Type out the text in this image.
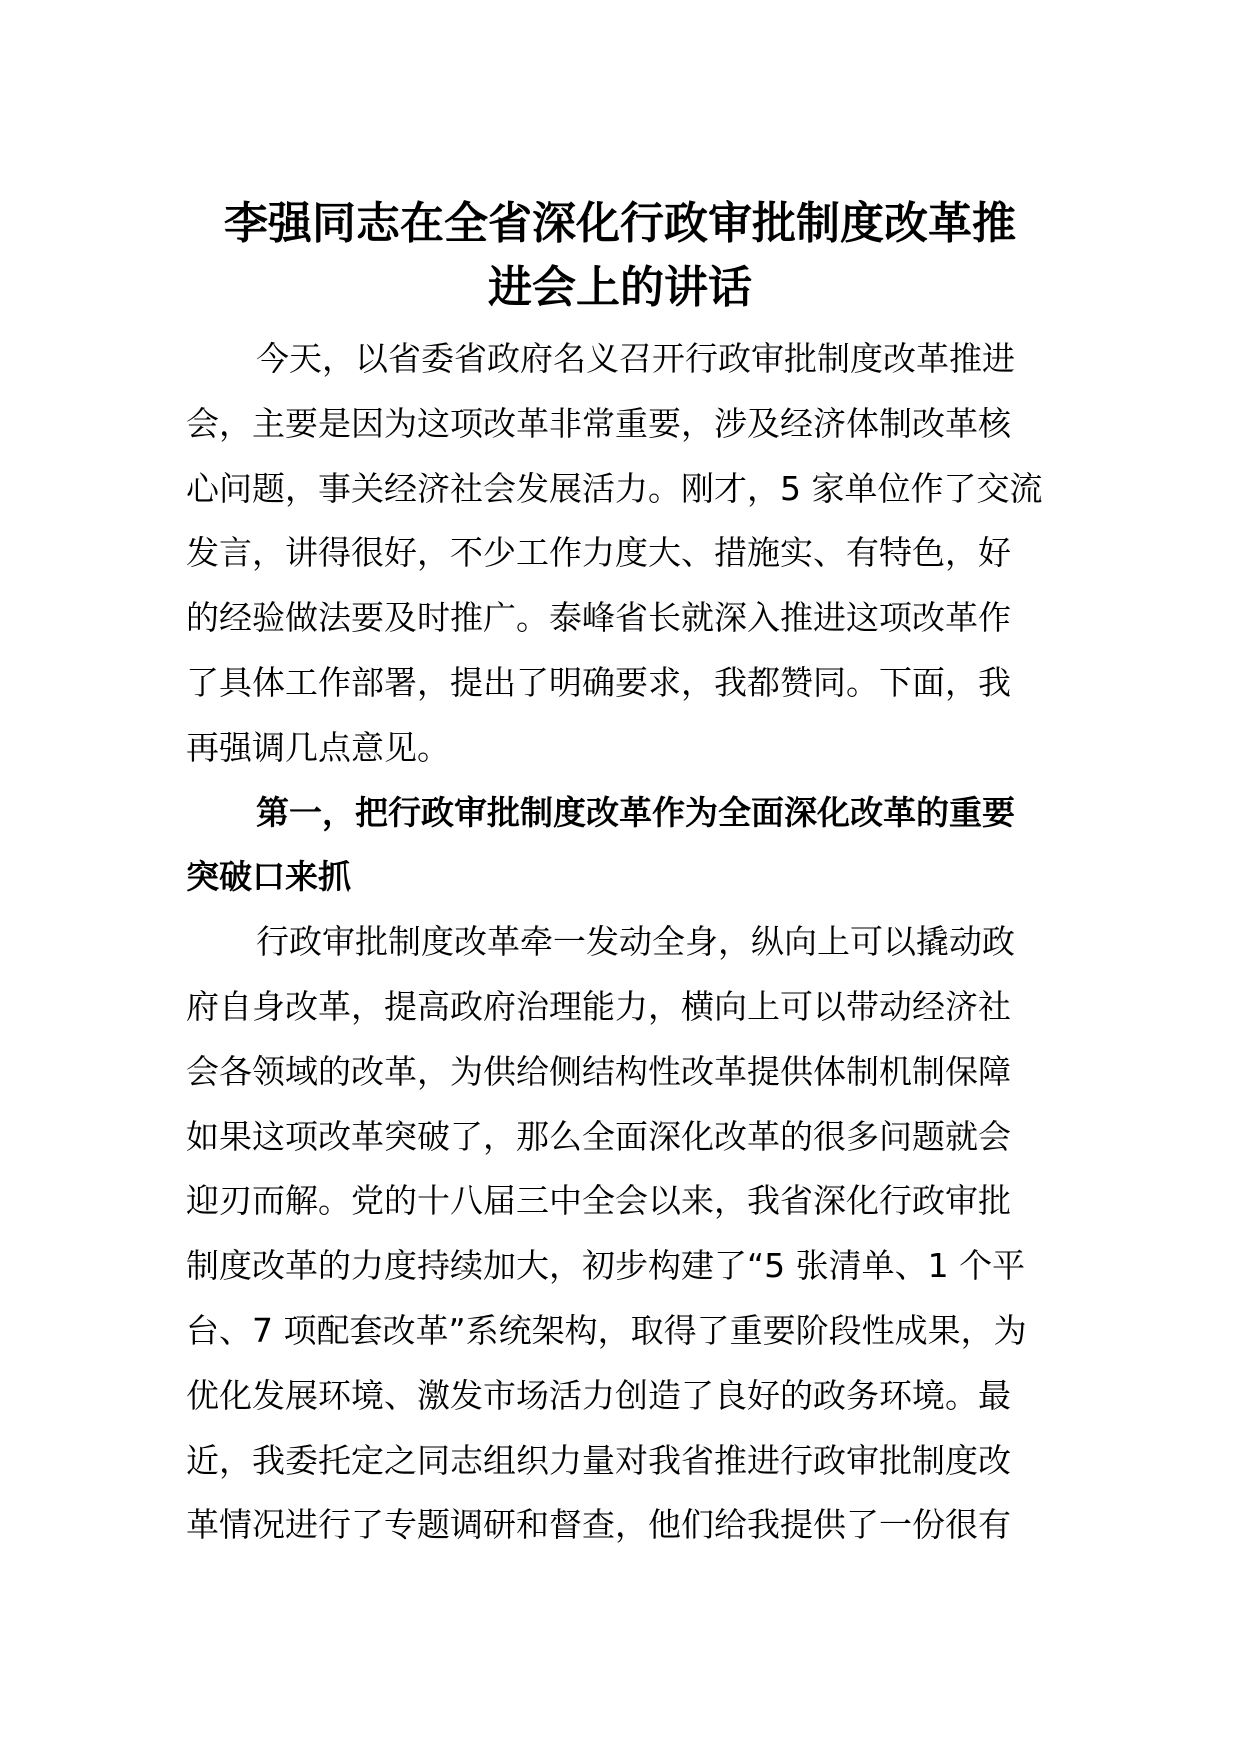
李强同志在全省深化行政审批制度改革推
进会上的讲话
今天，以省委省政府名义召开行政审批制度改革推进
会，主要是因为这项改革非常重要，涉及经济体制改革核
心问题，事关经济社会发展活力。刚才，5 家单位作了交流
发言，讲得很好，不少工作力度大、措施实、有特色，好
的经验做法要及时推广。泰峰省长就深入推进这项改革作
了具体工作部署，提出了明确要求，我都赞同。下面，我
再强调几点意见。
第一，把行政审批制度改革作为全面深化改革的重要
突破口来抓
行政审批制度改革牵一发动全身，纵向上可以撬动政
府自身改革，提高政府治理能力，横向上可以带动经济社
会各领域的改革，为供给侧结构性改革提供体制机制保障
如果这项改革突破了，那么全面深化改革的很多问题就会
迎刃而解。党的十八届三中全会以来，我省深化行政审批
制度改革的力度持续加大，初步构建了“5 张清单、1 个平
台、7 项配套改革”系统架构，取得了重要阶段性成果，为
优化发展环境、激发市场活力创造了良好的政务环境。最
近，我委托定之同志组织力量对我省推进行政审批制度改
革情况进行了专题调研和督查，他们给我提供了一份很有
